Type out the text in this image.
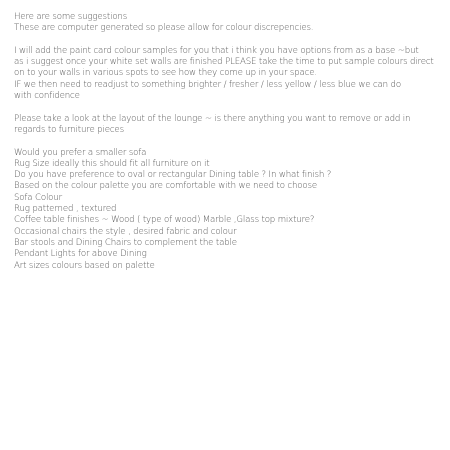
Here are some suggestions
These are computer generated so please allow for colour discrepencies.
I will add the paint card colour samples for you that i think you have options from as a base ~but
as i suggest once your white set walls are finished PLEASE take the time to put sample colours direct
on to your walls in various spots to see how they come up in your space.
IF we then need to readjust to something brighter / fresher / less yellow / less blue we can do
with confidence
Please take a look at the layout of the lounge ~ is there anything you want to remove or add in
regards to furniture pieces
Would you prefer a smaller sofa
Rug Size ideally this should fit all furniture on it
Do you have preference to oval or rectangular Dining table ? In what finish ?
Based on the colour palette you are comfortable with we need to choose
Sofa Colour
Rug patterned , textured
Coffee table finishes ~ Wood ( type of wood) Marble ,Glass top mixture?
Occasional chairs the style , desired fabric and colour
Bar stools and Dining Chairs to complement the table
Pendant Lights for above Dining
Art sizes colours based on palette
